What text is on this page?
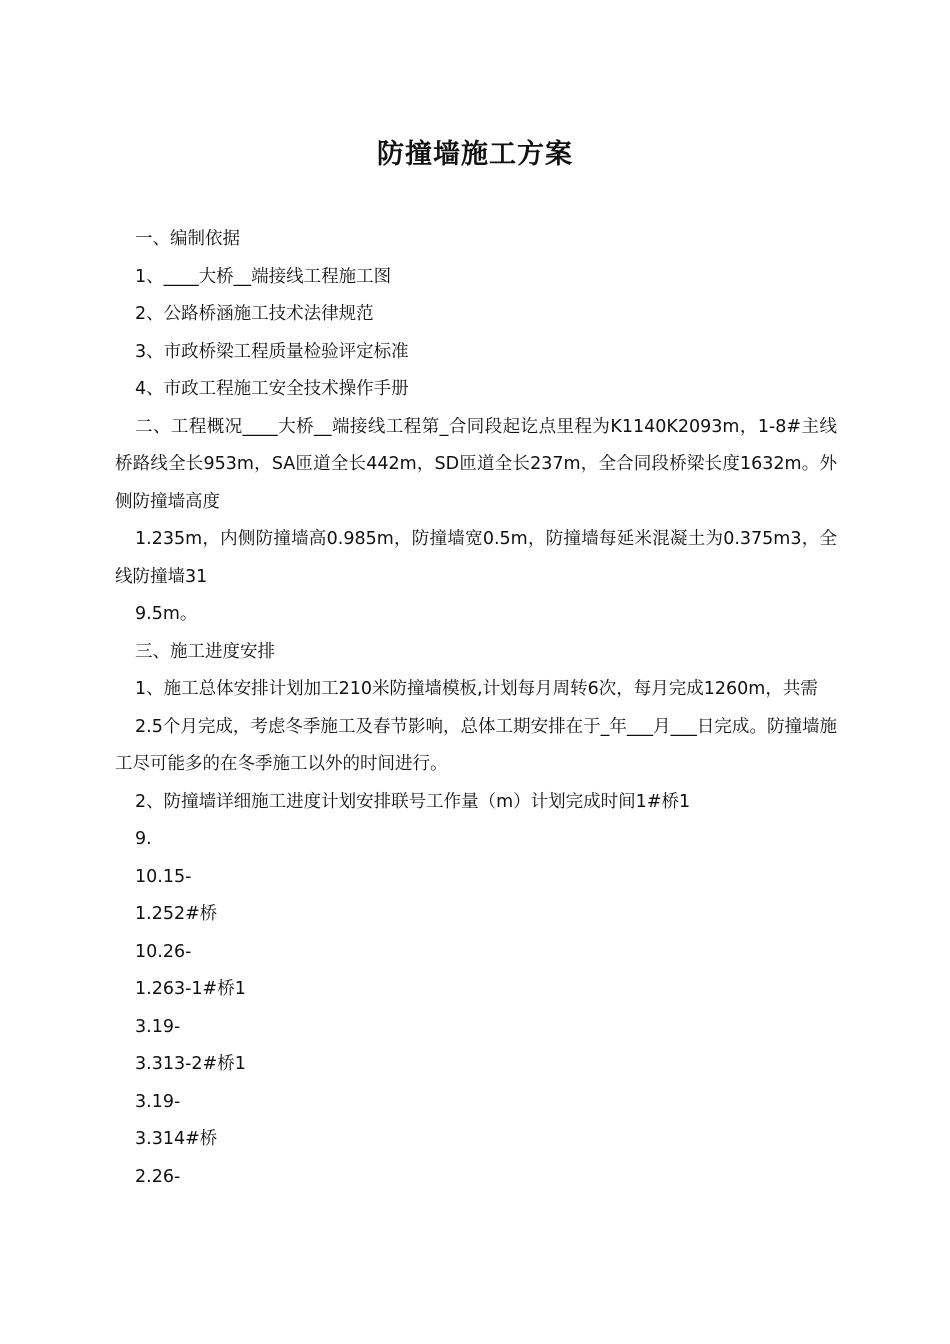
防撞墙施工方案

一、编制依据

1、____大桥__端接线工程施工图

2、公路桥涵施工技术法律规范

3、市政桥梁工程质量检验评定标准

4、市政工程施工安全技术操作手册

二、工程概况____大桥__端接线工程第_合同段起讫点里程为K1140K2093m，1-8#主线桥路线全长953m，SA匝道全长442m，SD匝道全长237m，全合同段桥梁长度1632m。外侧防撞墙高度

1.235m，内侧防撞墙高0.985m，防撞墙宽0.5m，防撞墙每延米混凝土为0.375m3，全线防撞墙31

9.5m。

三、施工进度安排

1、施工总体安排计划加工210米防撞墙模板,计划每月周转6次，每月完成1260m，共需

2.5个月完成，考虑冬季施工及春节影响，总体工期安排在于_年___月___日完成。防撞墙施工尽可能多的在冬季施工以外的时间进行。

2、防撞墙详细施工进度计划安排联号工作量（m）计划完成时间1#桥1

9.

10.15-

1.252#桥

10.26-

1.263-1#桥1

3.19-

3.313-2#桥1

3.19-

3.314#桥

2.26-
